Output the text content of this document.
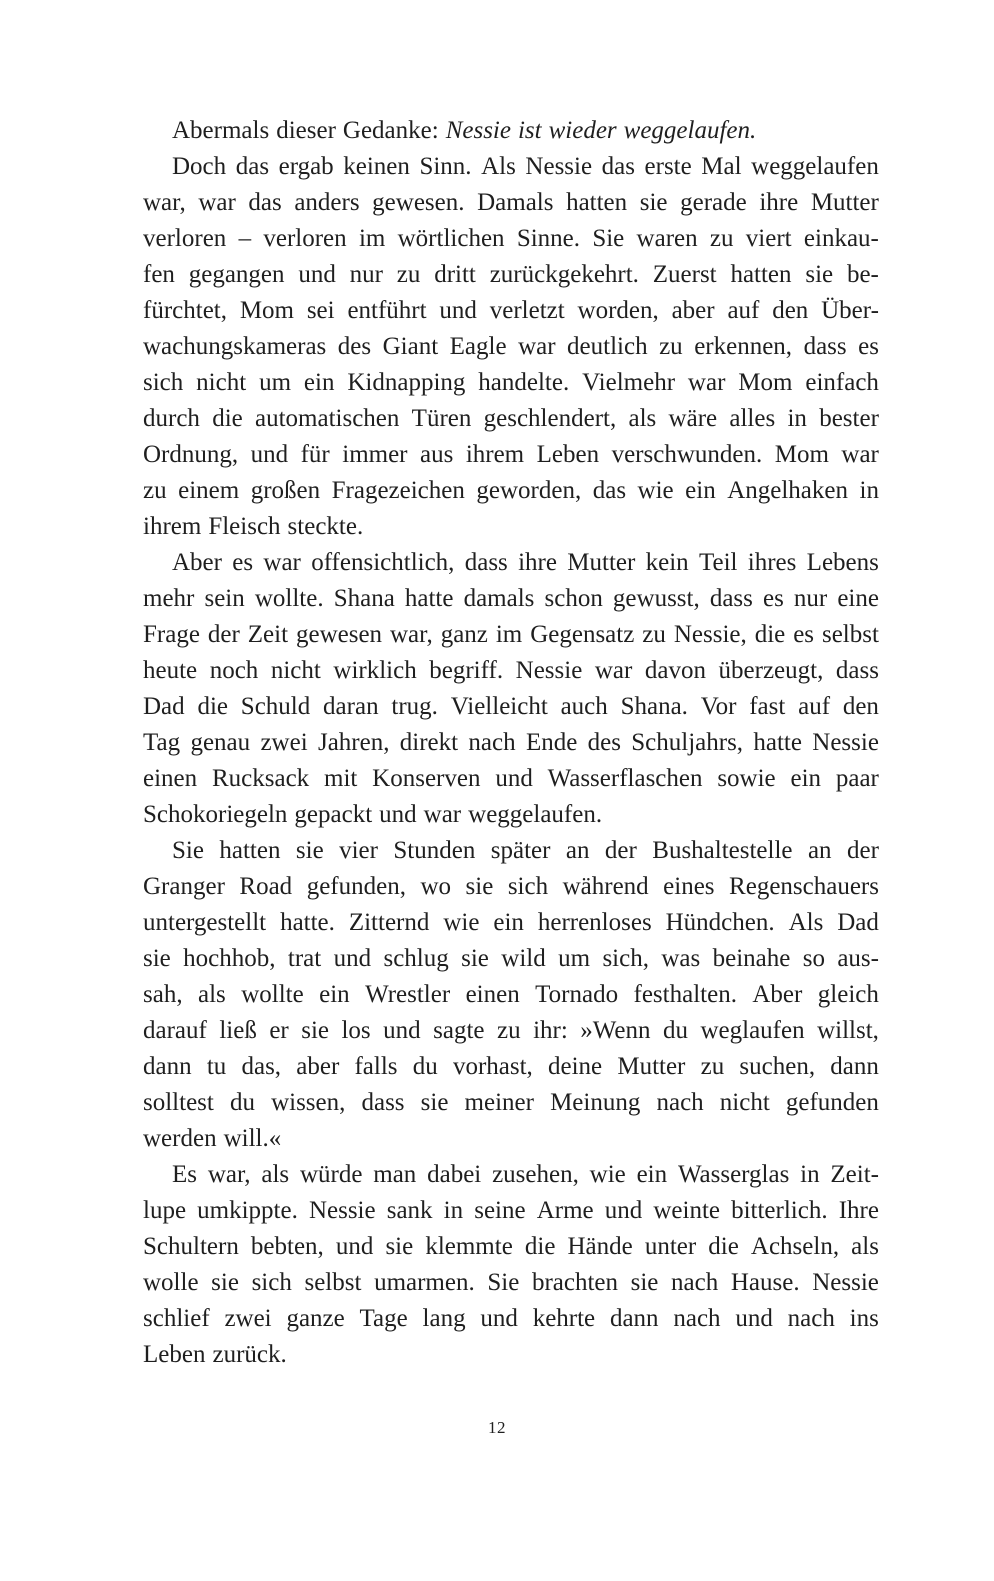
Abermals dieser Gedanke: Nessie ist wieder weggelaufen.
Doch das ergab keinen Sinn. Als Nessie das erste Mal weggelaufen
war, war das anders gewesen. Damals hatten sie gerade ihre Mutter
verloren – verloren im wörtlichen Sinne. Sie waren zu viert einkau-
fen gegangen und nur zu dritt zurückgekehrt. Zuerst hatten sie be-
fürchtet, Mom sei entführt und verletzt worden, aber auf den Über-
wachungskameras des Giant Eagle war deutlich zu erkennen, dass es
sich nicht um ein Kidnapping handelte. Vielmehr war Mom einfach
durch die automatischen Türen geschlendert, als wäre alles in bester
Ordnung, und für immer aus ihrem Leben verschwunden. Mom war
zu einem großen Fragezeichen geworden, das wie ein Angelhaken in
ihrem Fleisch steckte.
Aber es war offensichtlich, dass ihre Mutter kein Teil ihres Lebens
mehr sein wollte. Shana hatte damals schon gewusst, dass es nur eine
Frage der Zeit gewesen war, ganz im Gegensatz zu Nessie, die es selbst
heute noch nicht wirklich begriff. Nessie war davon überzeugt, dass
Dad die Schuld daran trug. Vielleicht auch Shana. Vor fast auf den
Tag genau zwei Jahren, direkt nach Ende des Schuljahrs, hatte Nessie
einen Rucksack mit Konserven und Wasserflaschen sowie ein paar
Schokoriegeln gepackt und war weggelaufen.
Sie hatten sie vier Stunden später an der Bushaltestelle an der
Granger Road gefunden, wo sie sich während eines Regenschauers
untergestellt hatte. Zitternd wie ein herrenloses Hündchen. Als Dad
sie hochhob, trat und schlug sie wild um sich, was beinahe so aus-
sah, als wollte ein Wrestler einen Tornado festhalten. Aber gleich
darauf ließ er sie los und sagte zu ihr: »Wenn du weglaufen willst,
dann tu das, aber falls du vorhast, deine Mutter zu suchen, dann
solltest du wissen, dass sie meiner Meinung nach nicht gefunden
werden will.«
Es war, als würde man dabei zusehen, wie ein Wasserglas in Zeit-
lupe umkippte. Nessie sank in seine Arme und weinte bitterlich. Ihre
Schultern bebten, und sie klemmte die Hände unter die Achseln, als
wolle sie sich selbst umarmen. Sie brachten sie nach Hause. Nessie
schlief zwei ganze Tage lang und kehrte dann nach und nach ins
Leben zurück.
12
